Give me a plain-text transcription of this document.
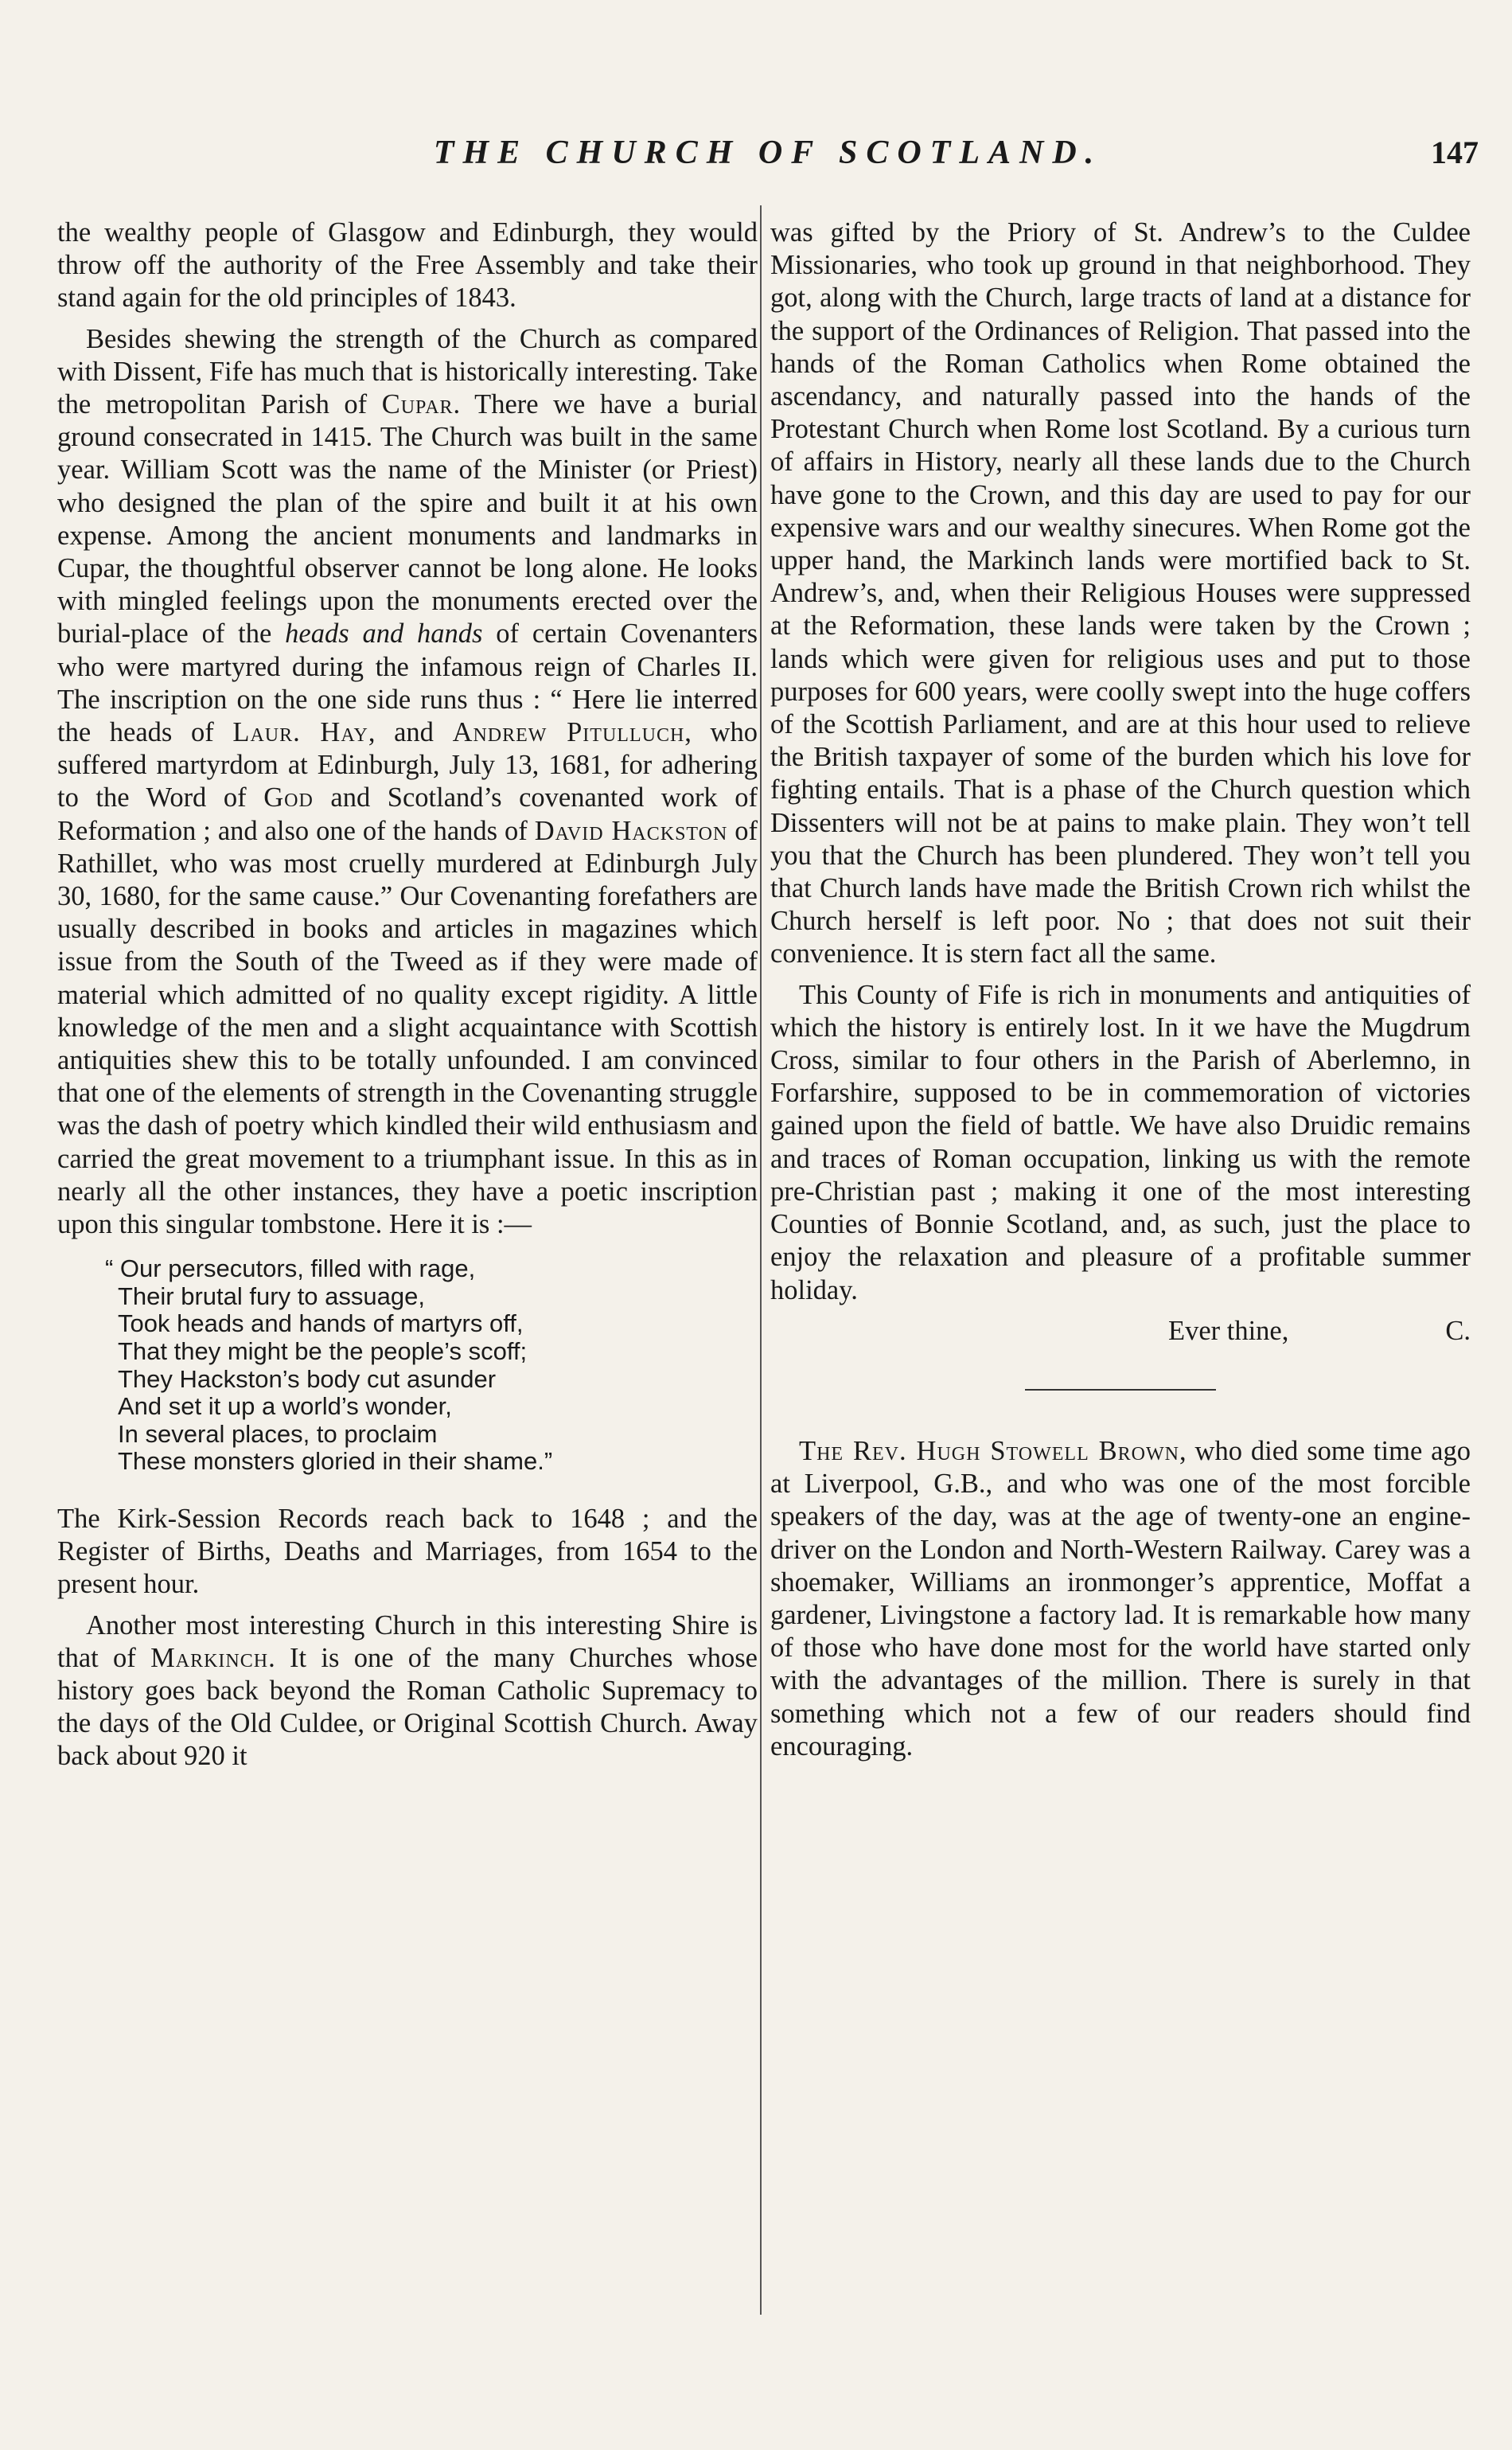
THE CHURCH OF SCOTLAND.	147

the wealthy people of Glasgow and Edinburgh, they would throw off the authority of the Free Assembly and take their stand again for the old principles of 1843.

Besides shewing the strength of the Church as compared with Dissent, Fife has much that is historically interesting. Take the metropolitan Parish of Cupar. There we have a burial ground consecrated in 1415. The Church was built in the same year. William Scott was the name of the Minister (or Priest) who designed the plan of the spire and built it at his own expense. Among the ancient monuments and landmarks in Cupar, the thoughtful observer cannot be long alone. He looks with mingled feelings upon the monuments erected over the burial-place of the heads and hands of certain Covenanters who were martyred during the infamous reign of Charles II. The inscription on the one side runs thus : “ Here lie interred the heads of Laur. Hay, and Andrew Pitulluch, who suffered martyrdom at Edinburgh, July 13, 1681, for adhering to the Word of God and Scotland’s covenanted work of Reformation ; and also one of the hands of David Hackston of Rathillet, who was most cruelly murdered at Edinburgh July 30, 1680, for the same cause.” Our Covenanting forefathers are usually described in books and articles in magazines which issue from the South of the Tweed as if they were made of material which admitted of no quality except rigidity. A little knowledge of the men and a slight acquaintance with Scottish antiquities shew this to be totally unfounded. I am convinced that one of the elements of strength in the Covenanting struggle was the dash of poetry which kindled their wild enthusiasm and carried the great movement to a triumphant issue. In this as in nearly all the other instances, they have a poetic inscription upon this singular tombstone. Here it is :—

“ Our persecutors, filled with rage,
Their brutal fury to assuage,
Took heads and hands of martyrs off,
That they might be the people’s scoff;
They Hackston’s body cut asunder
And set it up a world’s wonder,
In several places, to proclaim
These monsters gloried in their shame.”

The Kirk-Session Records reach back to 1648 ; and the Register of Births, Deaths and Marriages, from 1654 to the present hour.

Another most interesting Church in this interesting Shire is that of Markinch. It is one of the many Churches whose history goes back beyond the Roman Catholic Supremacy to the days of the Old Culdee, or Original Scottish Church. Away back about 920 it

was gifted by the Priory of St. Andrew’s to the Culdee Missionaries, who took up ground in that neighborhood. They got, along with the Church, large tracts of land at a distance for the support of the Ordinances of Religion. That passed into the hands of the Roman Catholics when Rome obtained the ascendancy, and naturally passed into the hands of the Protestant Church when Rome lost Scotland. By a curious turn of affairs in History, nearly all these lands due to the Church have gone to the Crown, and this day are used to pay for our expensive wars and our wealthy sinecures. When Rome got the upper hand, the Markinch lands were mortified back to St. Andrew’s, and, when their Religious Houses were suppressed at the Reformation, these lands were taken by the Crown ; lands which were given for religious uses and put to those purposes for 600 years, were coolly swept into the huge coffers of the Scottish Parliament, and are at this hour used to relieve the British taxpayer of some of the burden which his love for fighting entails. That is a phase of the Church question which Dissenters will not be at pains to make plain. They won’t tell you that the Church has been plundered. They won’t tell you that Church lands have made the British Crown rich whilst the Church herself is left poor. No ; that does not suit their convenience. It is stern fact all the same.

This County of Fife is rich in monuments and antiquities of which the history is entirely lost. In it we have the Mugdrum Cross, similar to four others in the Parish of Aberlemno, in Forfarshire, supposed to be in commemoration of victories gained upon the field of battle. We have also Druidic remains and traces of Roman occupation, linking us with the remote pre-Christian past ; making it one of the most interesting Counties of Bonnie Scotland, and, as such, just the place to enjoy the relaxation and pleasure of a profitable summer holiday.

Ever thine,	C.

The Rev. Hugh Stowell Brown, who died some time ago at Liverpool, G.B., and who was one of the most forcible speakers of the day, was at the age of twenty-one an engine-driver on the London and North-Western Railway. Carey was a shoemaker, Williams an ironmonger’s apprentice, Moffat a gardener, Livingstone a factory lad. It is remarkable how many of those who have done most for the world have started only with the advantages of the million. There is surely in that something which not a few of our readers should find encouraging.
